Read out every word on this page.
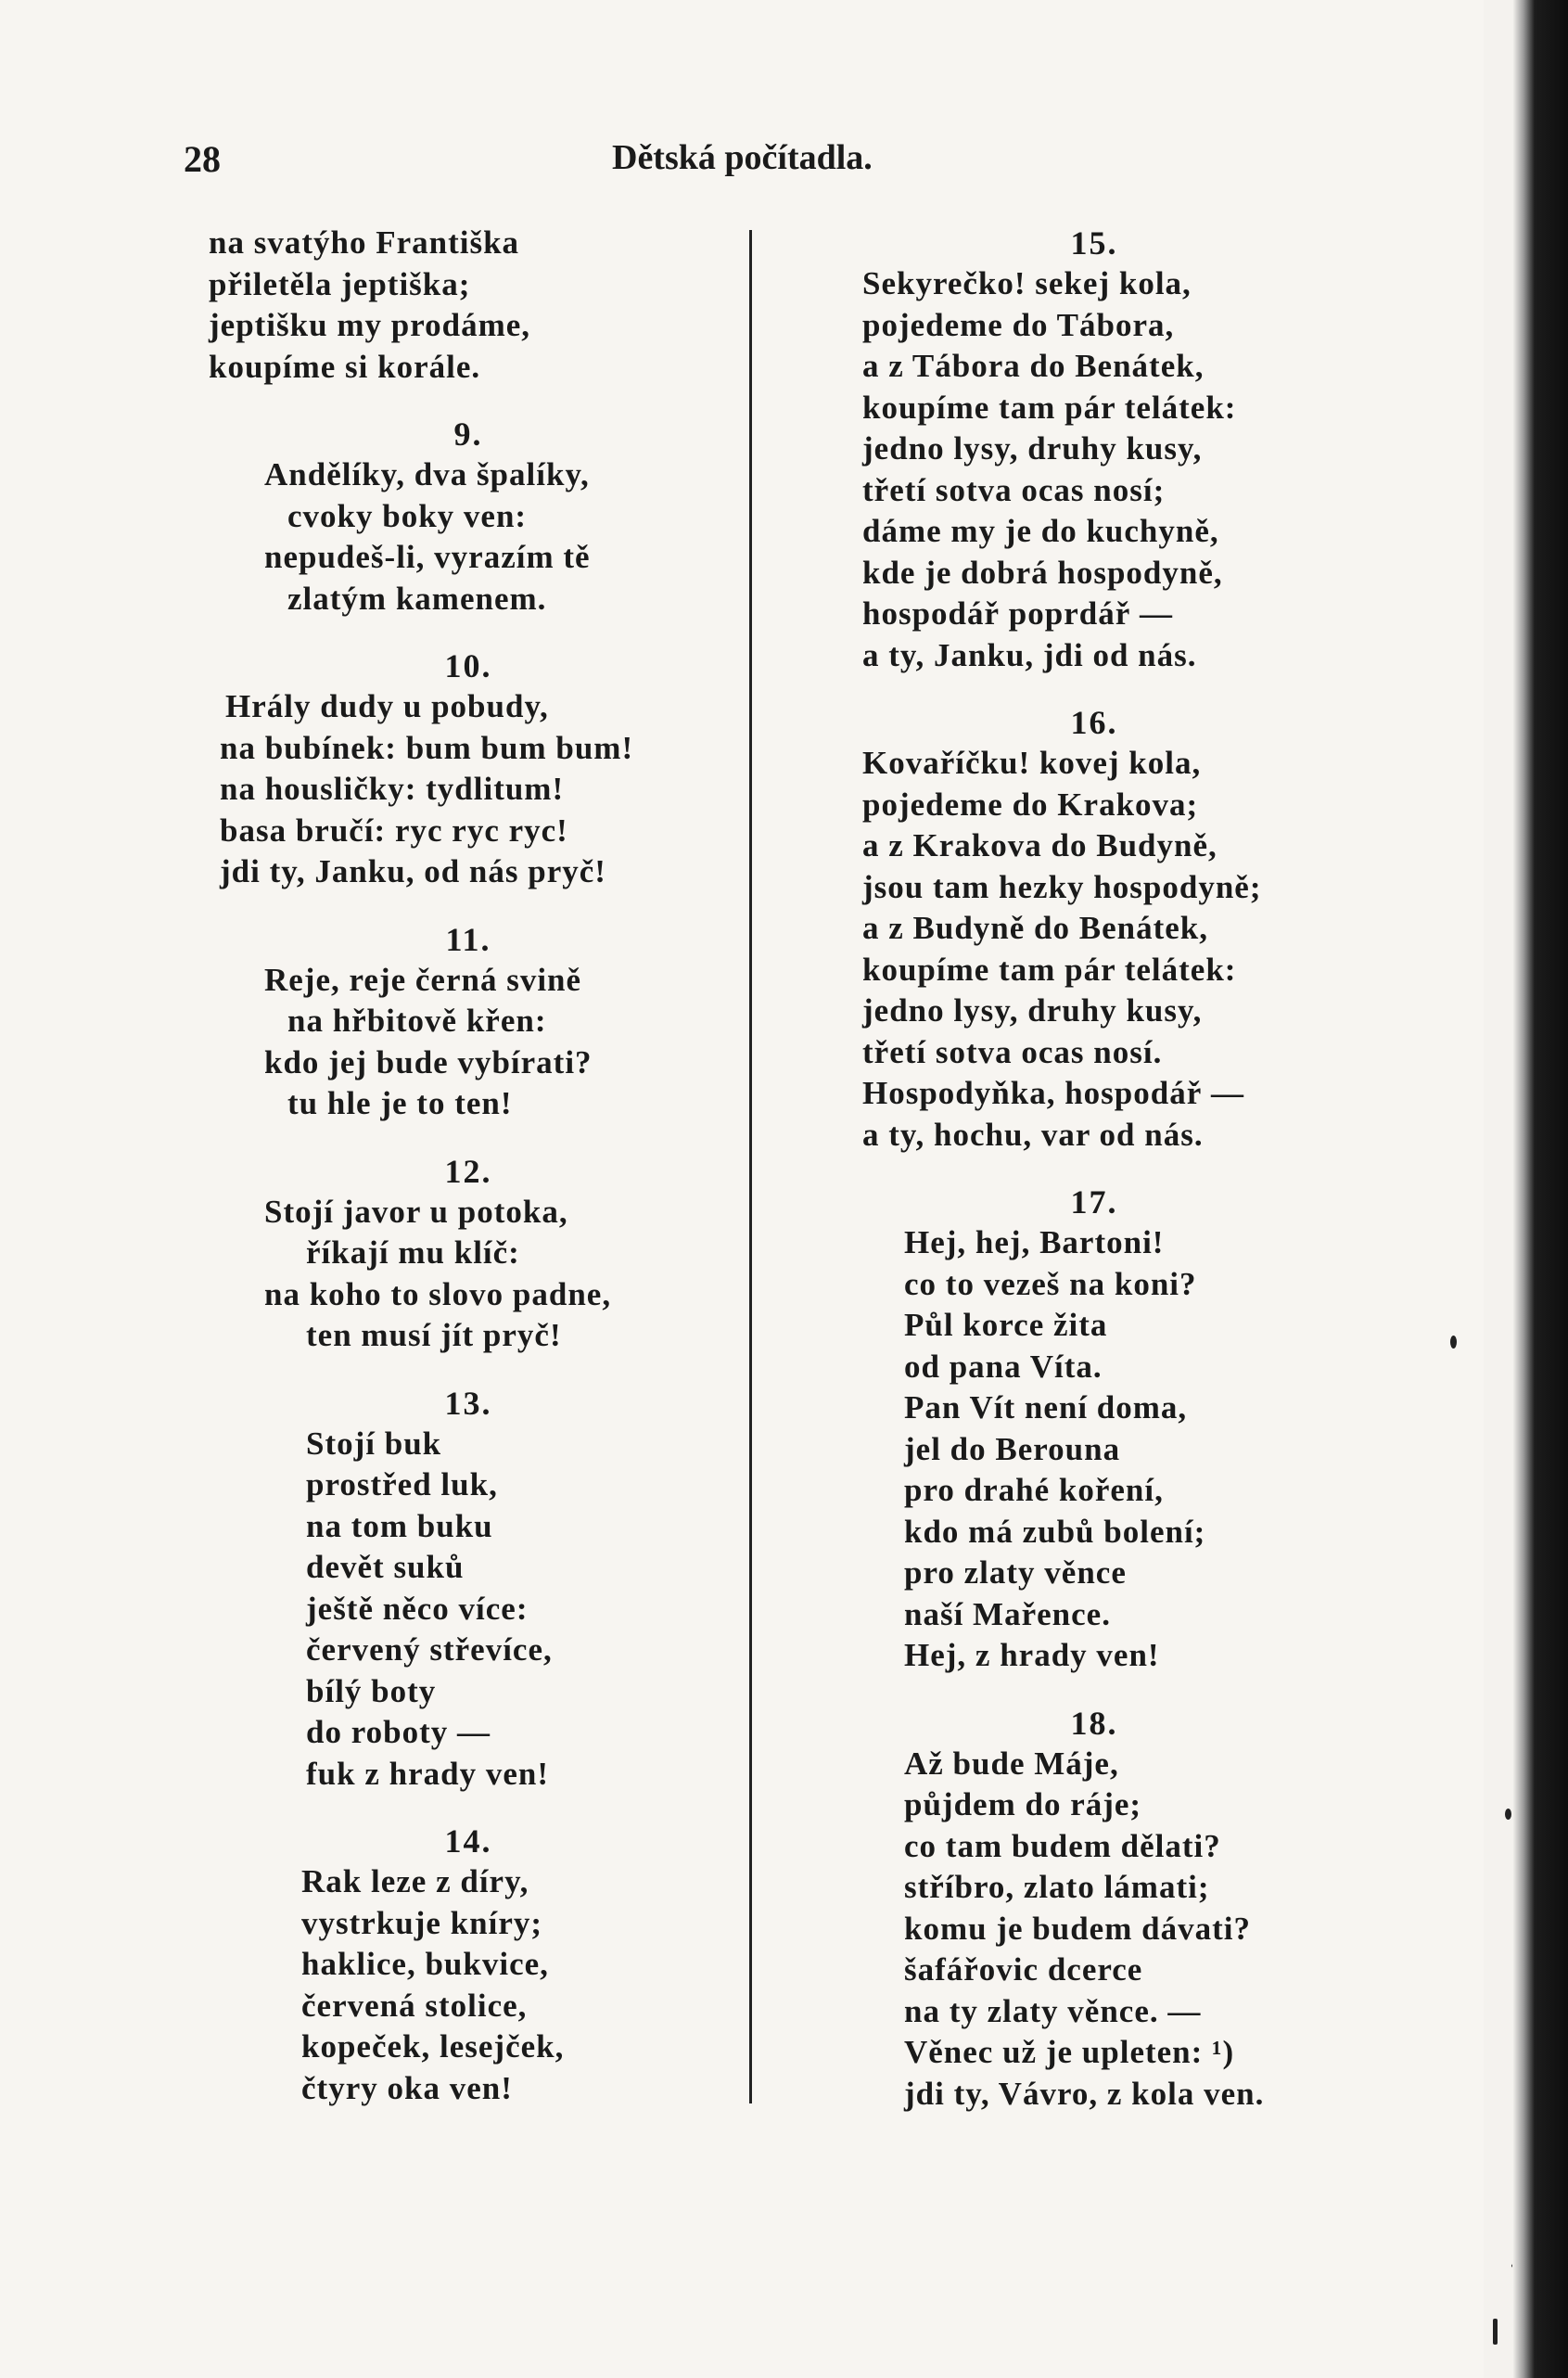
28	Dětská počítadla.
na svatýho Františka
přiletěla jeptiška;
jeptišku my prodáme,
koupíme si korále.
9.
Andělíky, dva špalíky,
cvoky boky ven:
nepudeš-li, vyrazím tě
zlatým kamenem.
10.
Hrály dudy u pobudy,
na bubínek: bum bum bum!
na housličky: tydlitum!
basa bručí: ryc ryc ryc!
jdi ty, Janku, od nás pryč!
11.
Reje, reje černá svině
na hřbitově křen:
kdo jej bude vybírati?
tu hle je to ten!
12.
Stojí javor u potoka,
říkají mu klíč:
na koho to slovo padne,
ten musí jít pryč!
13.
Stojí buk
prostřed luk,
na tom buku
devět suků
ještě něco více:
červený střevíce,
bílý boty
do roboty —
fuk z hrady ven!
14.
Rak leze z díry,
vystrkuje kníry;
haklice, bukvice,
červená stolice,
kopeček, lesejček,
čtyry oka ven!
15.
Sekyrečko! sekej kola,
pojedeme do Tábora,
a z Tábora do Benátek,
koupíme tam pár telátek:
jedno lysy, druhy kusy,
třetí sotva ocas nosí;
dáme my je do kuchyně,
kde je dobrá hospodyně,
hospodář poprdář —
a ty, Janku, jdi od nás.
16.
Kovaříčku! kovej kola,
pojedeme do Krakova;
a z Krakova do Budyně,
jsou tam hezky hospodyně;
a z Budyně do Benátek,
koupíme tam pár telátek:
jedno lysy, druhy kusy,
třetí sotva ocas nosí.
Hospodyňka, hospodář —
a ty, hochu, var od nás.
17.
Hej, hej, Bartoni!
co to vezeš na koni?
Půl korce žita
od pana Víta.
Pan Vít není doma,
jel do Berouna
pro drahé koření,
kdo má zubů bolení;
pro zlaty věnce
naší Mařence.
Hej, z hrady ven!
18.
Až bude Máje,
půjdem do ráje;
co tam budem dělati?
stříbro, zlato lámati;
komu je budem dávati?
šafářovic dcerce
na ty zlaty věnce. —
Věnec už je upleten: ¹)
jdi ty, Vávro, z kola ven.
